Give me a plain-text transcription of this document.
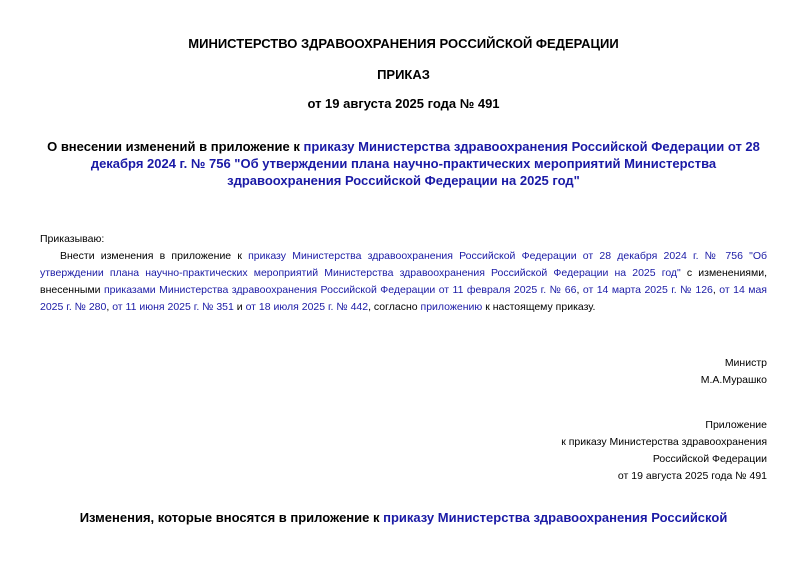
МИНИСТЕРСТВО ЗДРАВООХРАНЕНИЯ РОССИЙСКОЙ ФЕДЕРАЦИИ
ПРИКАЗ
от 19 августа 2025 года № 491
О внесении изменений в приложение к приказу Министерства здравоохранения Российской Федерации от 28 декабря 2024 г. № 756 "Об утверждении плана научно-практических мероприятий Министерства здравоохранения Российской Федерации на 2025 год"
Приказываю:
Внести изменения в приложение к приказу Министерства здравоохранения Российской Федерации от 28 декабря 2024 г. № 756 "Об утверждении плана научно-практических мероприятий Министерства здравоохранения Российской Федерации на 2025 год" с изменениями, внесенными приказами Министерства здравоохранения Российской Федерации от 11 февраля 2025 г. № 66, от 14 марта 2025 г. № 126, от 14 мая 2025 г. № 280, от 11 июня 2025 г. № 351 и от 18 июля 2025 г. № 442, согласно приложению к настоящему приказу.
Министр
М.А.Мурашко
Приложение
к приказу Министерства здравоохранения
Российской Федерации
от 19 августа 2025 года № 491
Изменения, которые вносятся в приложение к приказу Министерства здравоохранения Российской
